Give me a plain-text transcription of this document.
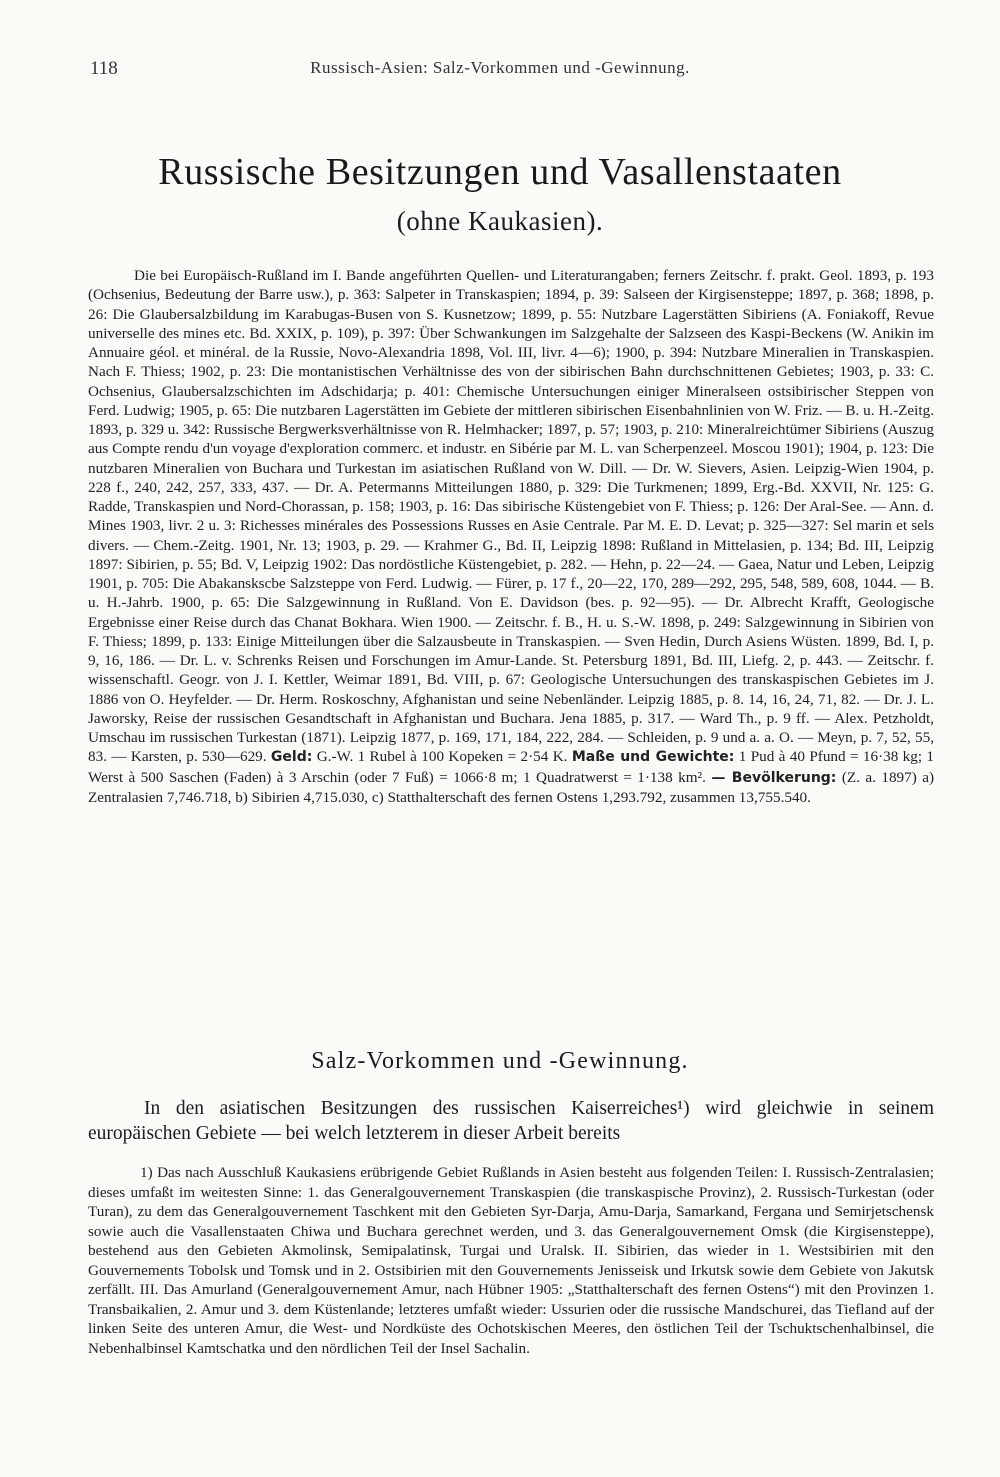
118	Russisch-Asien: Salz-Vorkommen und -Gewinnung.
Russische Besitzungen und Vasallenstaaten
(ohne Kaukasien).
Die bei Europäisch-Rußland im I. Bande angeführten Quellen- und Literaturangaben; ferners Zeitschr. f. prakt. Geol. 1893, p. 193 (Ochsenius, Bedeutung der Barre usw.), p. 363: Salpeter in Transkaspien; 1894, p. 39: Salseen der Kirgisensteppe; 1897, p. 368; 1898, p. 26: Die Glaubersalzbildung im Karabugas-Busen von S. Kusnetzow; 1899, p. 55: Nutzbare Lagerstätten Sibiriens (A. Foniakoff, Revue universelle des mines etc. Bd. XXIX, p. 109), p. 397: Über Schwankungen im Salzgehalte der Salzseen des Kaspi-Beckens (W. Anikin im Annuaire géol. et minéral. de la Russie, Novo-Alexandria 1898, Vol. III, livr. 4—6); 1900, p. 394: Nutzbare Mineralien in Transkaspien. Nach F. Thiess; 1902, p. 23: Die montanistischen Verhältnisse des von der sibirischen Bahn durchschnittenen Gebietes; 1903, p. 33: C. Ochsenius, Glaubersalzschichten im Adschidarja; p. 401: Chemische Untersuchungen einiger Mineralseen ostsibirischer Steppen von Ferd. Ludwig; 1905, p. 65: Die nutzbaren Lagerstätten im Gebiete der mittleren sibirischen Eisenbahnlinien von W. Friz. — B. u. H.-Zeitg. 1893, p. 329 u. 342: Russische Bergwerksverhältnisse von R. Helmhacker; 1897, p. 57; 1903, p. 210: Mineralreichtümer Sibiriens (Auszug aus Compte rendu d'un voyage d'exploration commerc. et industr. en Sibérie par M. L. van Scherpenzeel. Moscou 1901); 1904, p. 123: Die nutzbaren Mineralien von Buchara und Turkestan im asiatischen Rußland von W. Dill. — Dr. W. Sievers, Asien. Leipzig-Wien 1904, p. 228 f., 240, 242, 257, 333, 437. — Dr. A. Petermanns Mitteilungen 1880, p. 329: Die Turkmenen; 1899, Erg.-Bd. XXVII, Nr. 125: G. Radde, Transkaspien und Nord-Chorassan, p. 158; 1903, p. 16: Das sibirische Küstengebiet von F. Thiess; p. 126: Der Aral-See. — Ann. d. Mines 1903, livr. 2 u. 3: Richesses minérales des Possessions Russes en Asie Centrale. Par M. E. D. Levat; p. 325—327: Sel marin et sels divers. — Chem.-Zeitg. 1901, Nr. 13; 1903, p. 29. — Krahmer G., Bd. II, Leipzig 1898: Rußland in Mittelasien, p. 134; Bd. III, Leipzig 1897: Sibirien, p. 55; Bd. V, Leipzig 1902: Das nordöstliche Küstengebiet, p. 282. — Hehn, p. 22—24. — Gaea, Natur und Leben, Leipzig 1901, p. 705: Die Abakanskscbe Salzsteppe von Ferd. Ludwig. — Fürer, p. 17 f., 20—22, 170, 289—292, 295, 548, 589, 608, 1044. — B. u. H.-Jahrb. 1900, p. 65: Die Salzgewinnung in Rußland. Von E. Davidson (bes. p. 92—95). — Dr. Albrecht Krafft, Geologische Ergebnisse einer Reise durch das Chanat Bokhara. Wien 1900. — Zeitschr. f. B., H. u. S.-W. 1898, p. 249: Salzgewinnung in Sibirien von F. Thiess; 1899, p. 133: Einige Mitteilungen über die Salzausbeute in Transkaspien. — Sven Hedin, Durch Asiens Wüsten. 1899, Bd. I, p. 9, 16, 186. — Dr. L. v. Schrenks Reisen und Forschungen im Amur-Lande. St. Petersburg 1891, Bd. III, Liefg. 2, p. 443. — Zeitschr. f. wissenschaftl. Geogr. von J. I. Kettler, Weimar 1891, Bd. VIII, p. 67: Geologische Untersuchungen des transkaspischen Gebietes im J. 1886 von O. Heyfelder. — Dr. Herm. Roskoschny, Afghanistan und seine Nebenländer. Leipzig 1885, p. 8. 14, 16, 24, 71, 82. — Dr. J. L. Jaworsky, Reise der russischen Gesandtschaft in Afghanistan und Buchara. Jena 1885, p. 317. — Ward Th., p. 9 ff. — Alex. Petzholdt, Umschau im russischen Turkestan (1871). Leipzig 1877, p. 169, 171, 184, 222, 284. — Schleiden, p. 9 und a. a. O. — Meyn, p. 7, 52, 55, 83. — Karsten, p. 530—629. Geld: G.-W. 1 Rubel à 100 Kopeken = 2·54 K. Maße und Gewichte: 1 Pud à 40 Pfund = 16·38 kg; 1 Werst à 500 Saschen (Faden) à 3 Arschin (oder 7 Fuß) = 1066·8 m; 1 Quadratwerst = 1·138 km². — Bevölkerung: (Z. a. 1897) a) Zentralasien 7,746.718, b) Sibirien 4,715.030, c) Statthalterschaft des fernen Ostens 1,293.792, zusammen 13,755.540.
Salz-Vorkommen und -Gewinnung.
In den asiatischen Besitzungen des russischen Kaiserreiches¹) wird gleichwie in seinem europäischen Gebiete — bei welch letzterem in dieser Arbeit bereits
1) Das nach Ausschluß Kaukasiens erübrigende Gebiet Rußlands in Asien besteht aus folgenden Teilen: I. Russisch-Zentralasien; dieses umfaßt im weitesten Sinne: 1. das Generalgouvernement Transkaspien (die transkaspische Provinz), 2. Russisch-Turkestan (oder Turan), zu dem das Generalgouvernement Taschkent mit den Gebieten Syr-Darja, Amu-Darja, Samarkand, Fergana und Semirjetschensk sowie auch die Vasallenstaaten Chiwa und Buchara gerechnet werden, und 3. das Generalgouvernement Omsk (die Kirgisensteppe), bestehend aus den Gebieten Akmolinsk, Semipalatinsk, Turgai und Uralsk. II. Sibirien, das wieder in 1. Westsibirien mit den Gouvernements Tobolsk und Tomsk und in 2. Ostsibirien mit den Gouvernements Jenisseisk und Irkutsk sowie dem Gebiete von Jakutsk zerfällt. III. Das Amurland (Generalgouvernement Amur, nach Hübner 1905: „Statthalterschaft des fernen Ostens“) mit den Provinzen 1. Transbaikalien, 2. Amur und 3. dem Küstenlande; letzteres umfaßt wieder: Ussurien oder die russische Mandschurei, das Tiefland auf der linken Seite des unteren Amur, die West- und Nordküste des Ochotskischen Meeres, den östlichen Teil der Tschuktschenhalbinsel, die Nebenhalbinsel Kamtschatka und den nördlichen Teil der Insel Sachalin.
